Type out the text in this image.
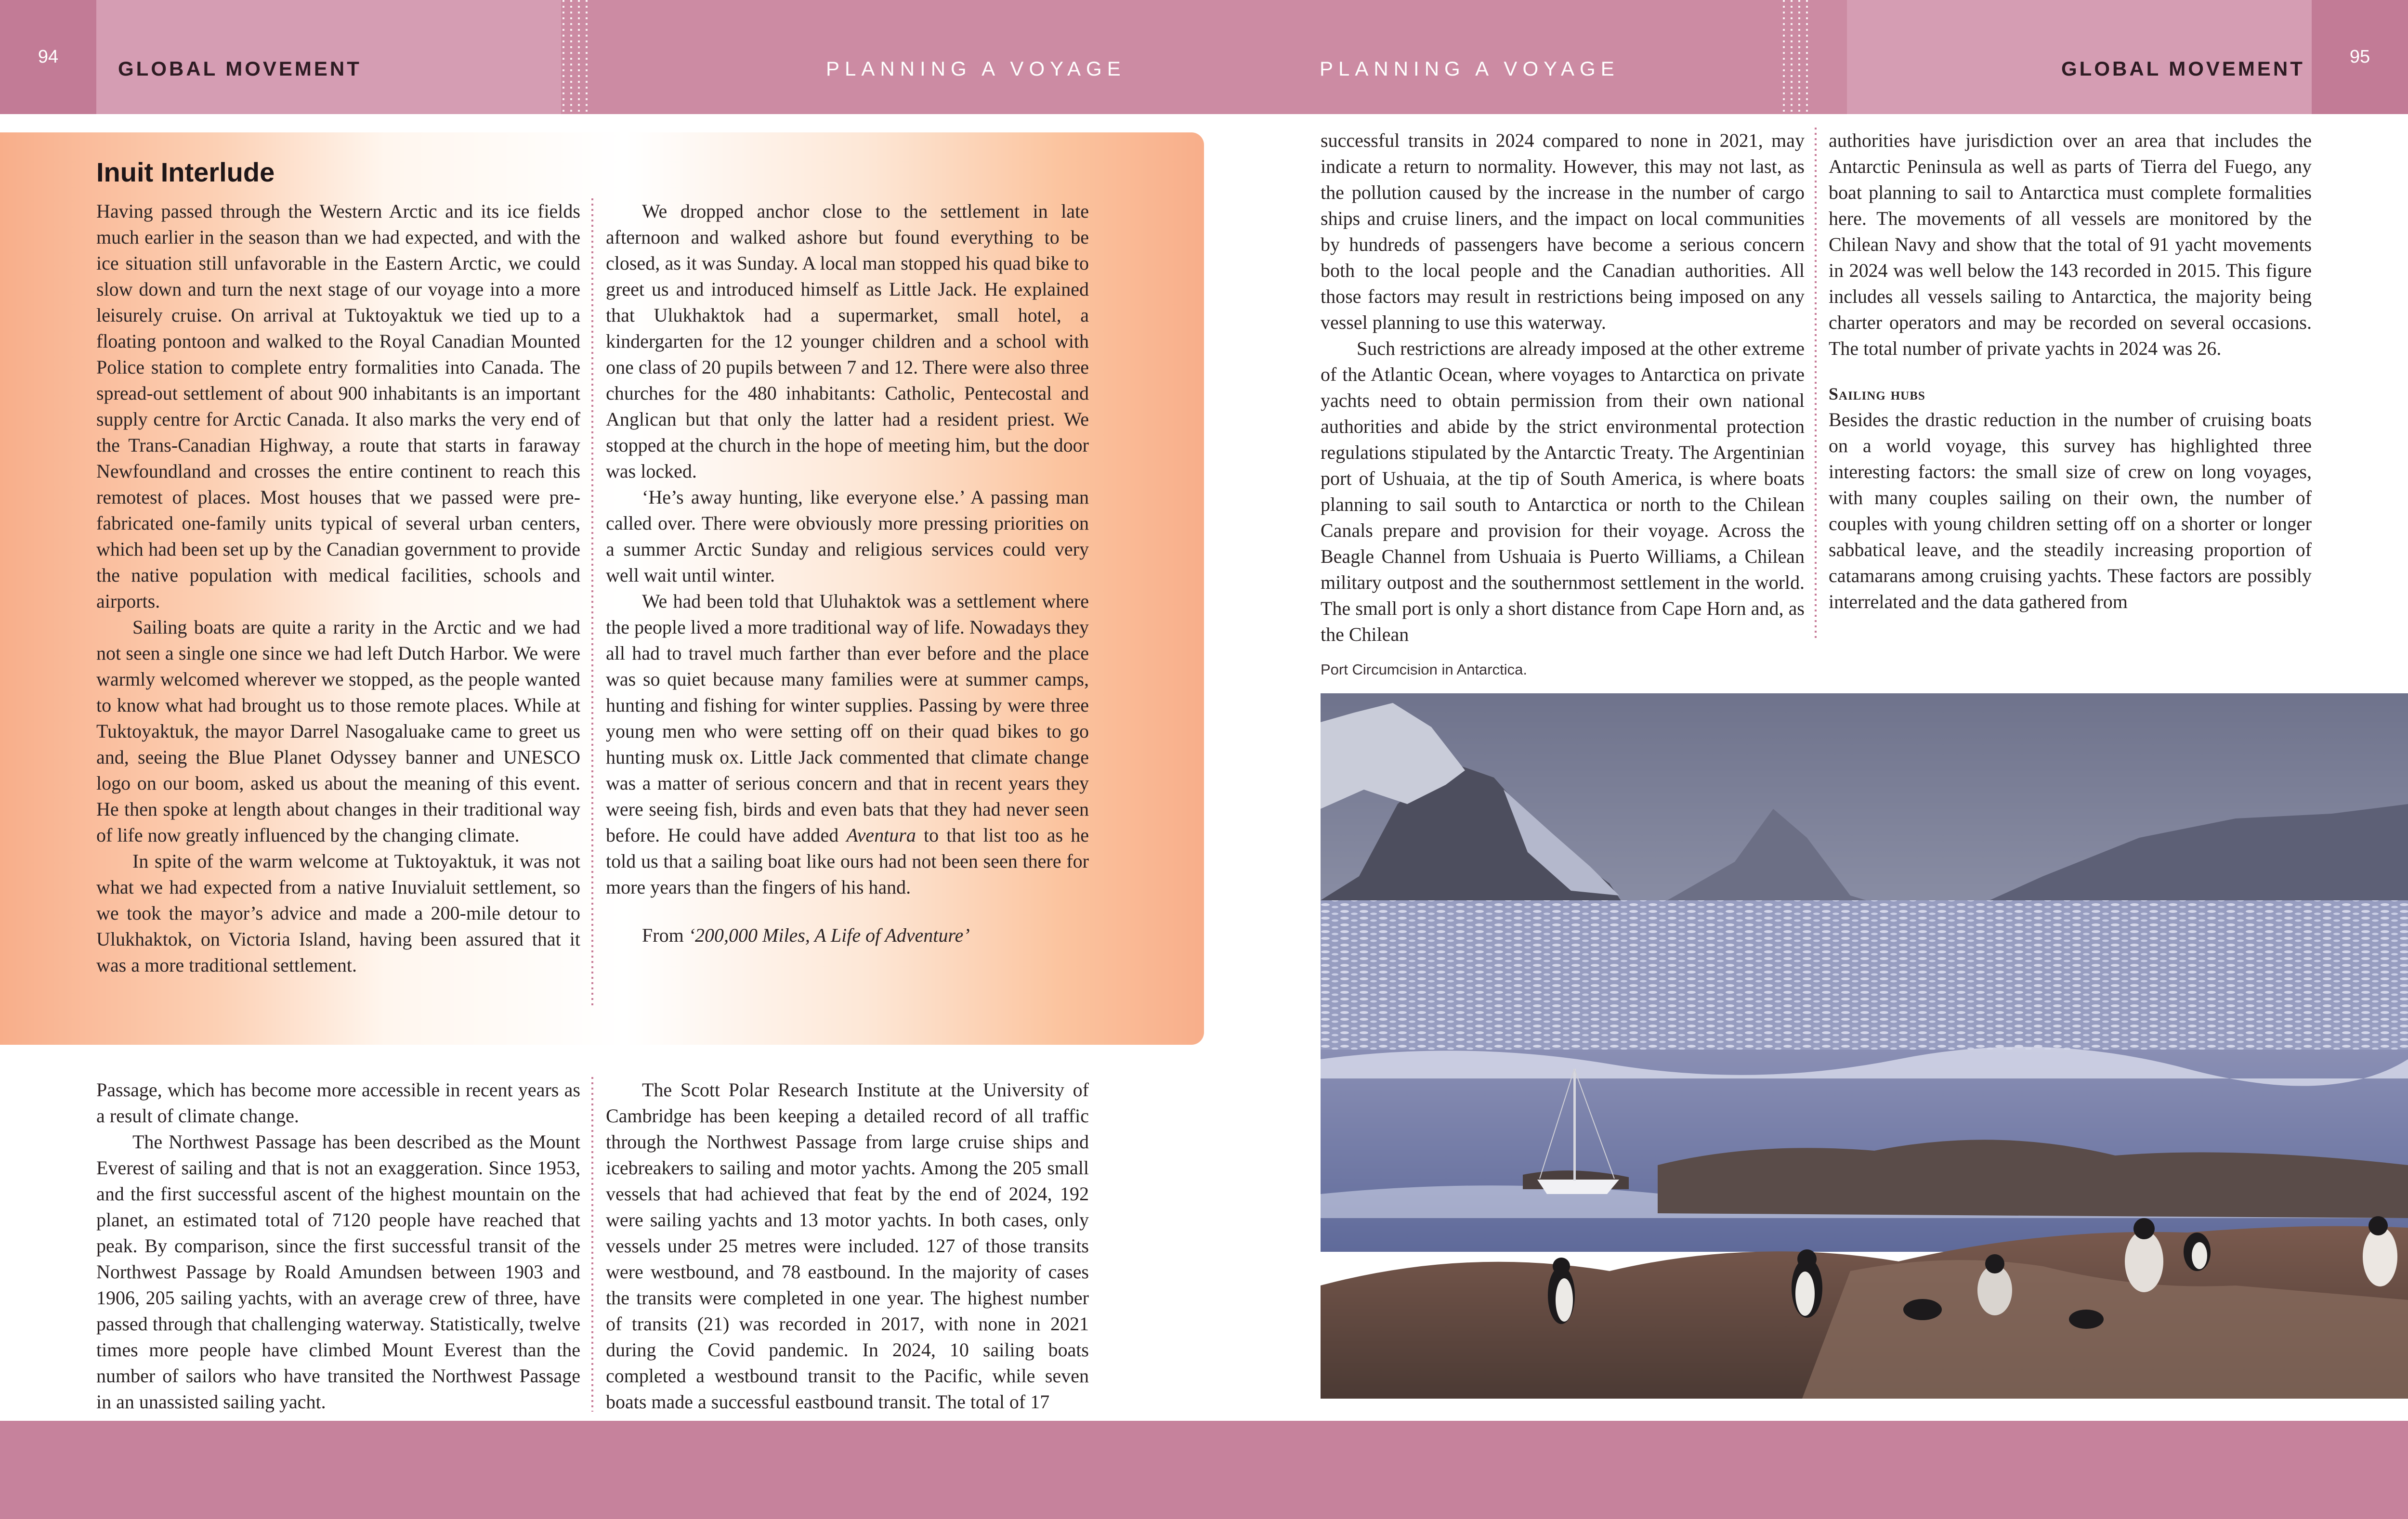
94
GLOBAL MOVEMENT	PLANNING A VOYAGE	PLANNING A VOYAGE	GLOBAL MOVEMENT
95
Inuit Interlude

Having passed through the Western Arctic and its ice fields much earlier in the season than we had expected, and with the ice situation still unfavorable in the Eastern Arctic, we could slow down and turn the next stage of our voyage into a more leisurely cruise. On arrival at Tuktoyaktuk we tied up to a floating pontoon and walked to the Royal Canadian Mounted Police station to complete entry formalities into Canada. The spread-out settlement of about 900 inhabitants is an important supply centre for Arctic Canada. It also marks the very end of the Trans-Canadian Highway, a route that starts in faraway Newfoundland and crosses the entire continent to reach this remotest of places. Most houses that we passed were pre-fabricated one-family units typical of several urban centers, which had been set up by the Canadian government to provide the native population with medical facilities, schools and airports.

Sailing boats are quite a rarity in the Arctic and we had not seen a single one since we had left Dutch Harbor. We were warmly welcomed wherever we stopped, as the people wanted to know what had brought us to those remote places. While at Tuktoyaktuk, the mayor Darrel Nasogaluake came to greet us and, seeing the Blue Planet Odyssey banner and UNESCO logo on our boom, asked us about the meaning of this event. He then spoke at length about changes in their traditional way of life now greatly influenced by the changing climate.

In spite of the warm welcome at Tuktoyaktuk, it was not what we had expected from a native Inuvialuit settlement, so we took the mayor’s advice and made a 200-mile detour to Ulukhaktok, on Victoria Island, having been assured that it was a more traditional settlement.

We dropped anchor close to the settlement in late afternoon and walked ashore but found everything to be closed, as it was Sunday. A local man stopped his quad bike to greet us and introduced himself as Little Jack. He explained that Ulukhaktok had a supermarket, small hotel, a kindergarten for the 12 younger children and a school with one class of 20 pupils between 7 and 12. There were also three churches for the 480 inhabitants: Catholic, Pentecostal and Anglican but that only the latter had a resident priest. We stopped at the church in the hope of meeting him, but the door was locked.

‘He’s away hunting, like everyone else.’ A passing man called over. There were obviously more pressing priorities on a summer Arctic Sunday and religious services could very well wait until winter.

We had been told that Uluhaktok was a settlement where the people lived a more traditional way of life. Nowadays they all had to travel much farther than ever before and the place was so quiet because many families were at summer camps, hunting and fishing for winter supplies. Passing by were three young men who were setting off on their quad bikes to go hunting musk ox. Little Jack commented that climate change was a matter of serious concern and that in recent years they were seeing fish, birds and even bats that they had never seen before. He could have added Aventura to that list too as he told us that a sailing boat like ours had not been seen there for more years than the fingers of his hand.

From ‘200,000 Miles, A Life of Adventure’

Passage, which has become more accessible in recent years as a result of climate change.

The Northwest Passage has been described as the Mount Everest of sailing and that is not an exaggeration. Since 1953, and the first successful ascent of the highest mountain on the planet, an estimated total of 7120 people have reached that peak. By comparison, since the first successful transit of the Northwest Passage by Roald Amundsen between 1903 and 1906, 205 sailing yachts, with an average crew of three, have passed through that challenging waterway. Statistically, twelve times more people have climbed Mount Everest than the number of sailors who have transited the Northwest Passage in an unassisted sailing yacht.

The Scott Polar Research Institute at the University of Cambridge has been keeping a detailed record of all traffic through the Northwest Passage from large cruise ships and icebreakers to sailing and motor yachts. Among the 205 small vessels that had achieved that feat by the end of 2024, 192 were sailing yachts and 13 motor yachts. In both cases, only vessels under 25 metres were included. 127 of those transits were westbound, and 78 eastbound. In the majority of cases the transits were completed in one year. The highest number of transits (21) was recorded in 2017, with none in 2021 during the Covid pandemic. In 2024, 10 sailing boats completed a westbound transit to the Pacific, while seven boats made a successful eastbound transit. The total of 17

successful transits in 2024 compared to none in 2021, may indicate a return to normality. However, this may not last, as the pollution caused by the increase in the number of cargo ships and cruise liners, and the impact on local communities by hundreds of passengers have become a serious concern both to the local people and the Canadian authorities. All those factors may result in restrictions being imposed on any vessel planning to use this waterway.

Such restrictions are already imposed at the other extreme of the Atlantic Ocean, where voyages to Antarctica on private yachts need to obtain permission from their own national authorities and abide by the strict environmental protection regulations stipulated by the Antarctic Treaty. The Argentinian port of Ushuaia, at the tip of South America, is where boats planning to sail south to Antarctica or north to the Chilean Canals prepare and provision for their voyage. Across the Beagle Channel from Ushuaia is Puerto Williams, a Chilean military outpost and the southernmost settlement in the world. The small port is only a short distance from Cape Horn and, as the Chilean

authorities have jurisdiction over an area that includes the Antarctic Peninsula as well as parts of Tierra del Fuego, any boat planning to sail to Antarctica must complete formalities here. The movements of all vessels are monitored by the Chilean Navy and show that the total of 91 yacht movements in 2024 was well below the 143 recorded in 2015. This figure includes all vessels sailing to Antarctica, the majority being charter operators and may be recorded on several occasions. The total number of private yachts in 2024 was 26.

Sailing hubs

Besides the drastic reduction in the number of cruising boats on a world voyage, this survey has highlighted three interesting factors: the small size of crew on long voyages, with many couples sailing on their own, the number of couples with young children setting off on a shorter or longer sabbatical leave, and the steadily increasing proportion of catamarans among cruising yachts. These factors are possibly interrelated and the data gathered from

Port Circumcision in Antarctica.
